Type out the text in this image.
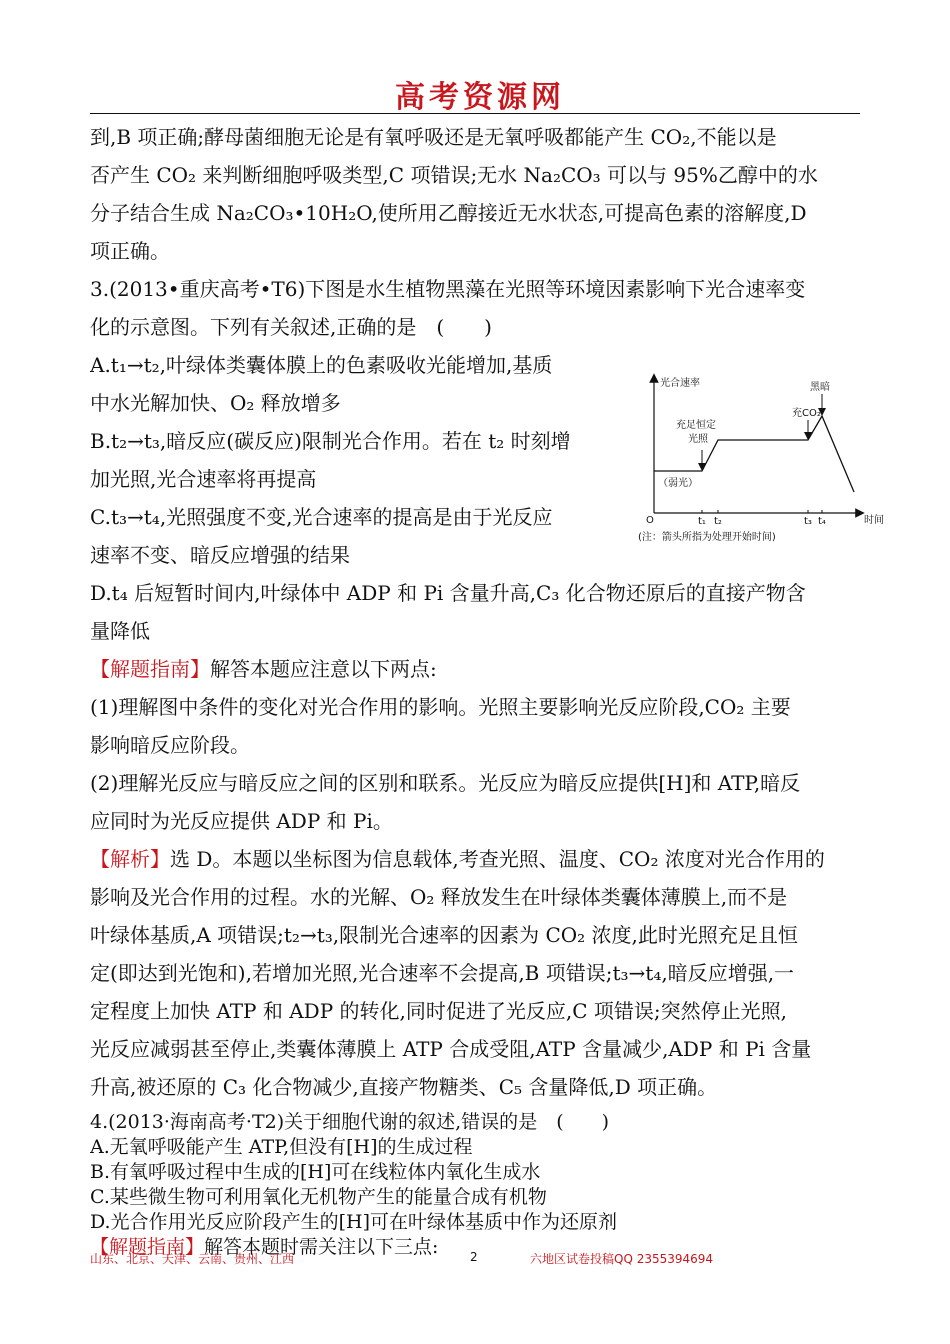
高考资源网
到,B 项正确;酵母菌细胞无论是有氧呼吸还是无氧呼吸都能产生 CO₂,不能以是
否产生 CO₂ 来判断细胞呼吸类型,C 项错误;无水 Na₂CO₃ 可以与 95%乙醇中的水
分子结合生成 Na₂CO₃•10H₂O,使所用乙醇接近无水状态,可提高色素的溶解度,D
项正确。
3.(2013•重庆高考•T6)下图是水生植物黑藻在光照等环境因素影响下光合速率变
化的示意图。下列有关叙述,正确的是　(　　)
A.t₁→t₂,叶绿体类囊体膜上的色素吸收光能增加,基质
中水光解加快、O₂ 释放增多
B.t₂→t₃,暗反应(碳反应)限制光合作用。若在 t₂ 时刻增
加光照,光合速率将再提高
C.t₃→t₄,光照强度不变,光合速率的提高是由于光反应
速率不变、暗反应增强的结果
D.t₄ 后短暂时间内,叶绿体中 ADP 和 Pi 含量升高,C₃ 化合物还原后的直接产物含
量降低
【解题指南】解答本题应注意以下两点:
(1)理解图中条件的变化对光合作用的影响。光照主要影响光反应阶段,CO₂ 主要
影响暗反应阶段。
(2)理解光反应与暗反应之间的区别和联系。光反应为暗反应提供[H]和 ATP,暗反
应同时为光反应提供 ADP 和 Pi。
【解析】选 D。本题以坐标图为信息载体,考查光照、温度、CO₂ 浓度对光合作用的
影响及光合作用的过程。水的光解、O₂ 释放发生在叶绿体类囊体薄膜上,而不是
叶绿体基质,A 项错误;t₂→t₃,限制光合速率的因素为 CO₂ 浓度,此时光照充足且恒
定(即达到光饱和),若增加光照,光合速率不会提高,B 项错误;t₃→t₄,暗反应增强,一
定程度上加快 ATP 和 ADP 的转化,同时促进了光反应,C 项错误;突然停止光照,
光反应减弱甚至停止,类囊体薄膜上 ATP 合成受阻,ATP 含量减少,ADP 和 Pi 含量
升高,被还原的 C₃ 化合物减少,直接产物糖类、C₅ 含量降低,D 项正确。
4.(2013·海南高考·T2)关于细胞代谢的叙述,错误的是　(　　)
A.无氧呼吸能产生 ATP,但没有[H]的生成过程
B.有氧呼吸过程中生成的[H]可在线粒体内氧化生成水
C.某些微生物可利用氧化无机物产生的能量合成有机物
D.光合作用光反应阶段产生的[H]可在叶绿体基质中作为还原剂
【解题指南】解答本题时需关注以下三点:
光合速率
时间
O
充足恒定
光照
充CO₂
黑暗
（弱光）
t₁ t₂	t₃ t₄
(注：箭头所指为处理开始时间)
山东、北京、天津、云南、贵州、江西	2	六地区试卷投稿QQ 2355394694
